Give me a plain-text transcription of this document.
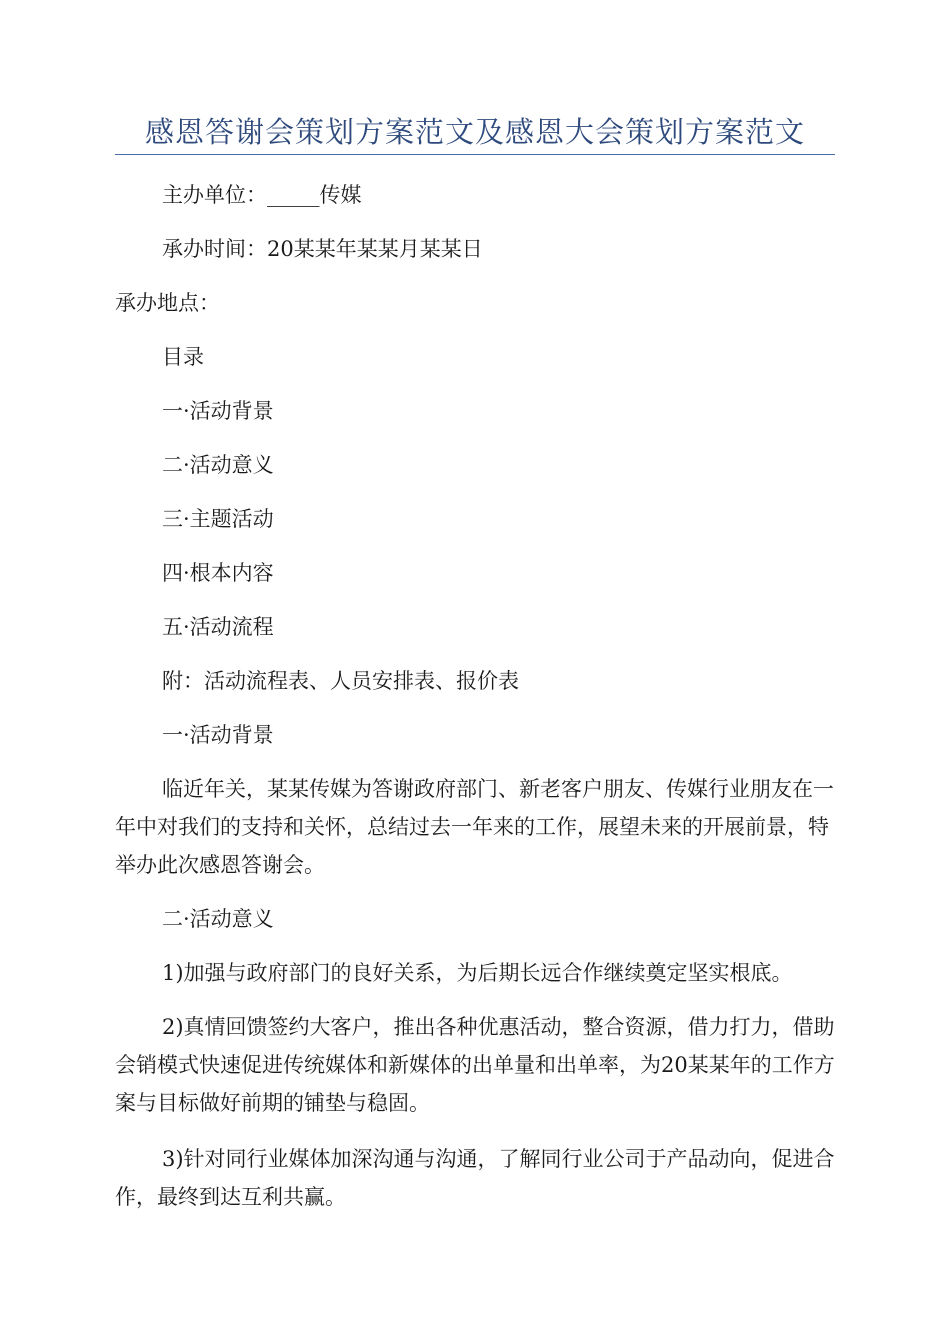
感恩答谢会策划方案范文及感恩大会策划方案范文
主办单位：_____传媒
承办时间：20某某年某某月某某日
承办地点：
目录
一·活动背景
二·活动意义
三·主题活动
四·根本内容
五·活动流程
附：活动流程表、人员安排表、报价表
一·活动背景
临近年关，某某传媒为答谢政府部门、新老客户朋友、传媒行业朋友在一年中对我们的支持和关怀，总结过去一年来的工作，展望未来的开展前景，特举办此次感恩答谢会。
二·活动意义
1)加强与政府部门的良好关系，为后期长远合作继续奠定坚实根底。
2)真情回馈签约大客户，推出各种优惠活动，整合资源，借力打力，借助会销模式快速促进传统媒体和新媒体的出单量和出单率，为20某某年的工作方案与目标做好前期的铺垫与稳固。
3)针对同行业媒体加深沟通与沟通，了解同行业公司于产品动向，促进合作，最终到达互利共赢。
